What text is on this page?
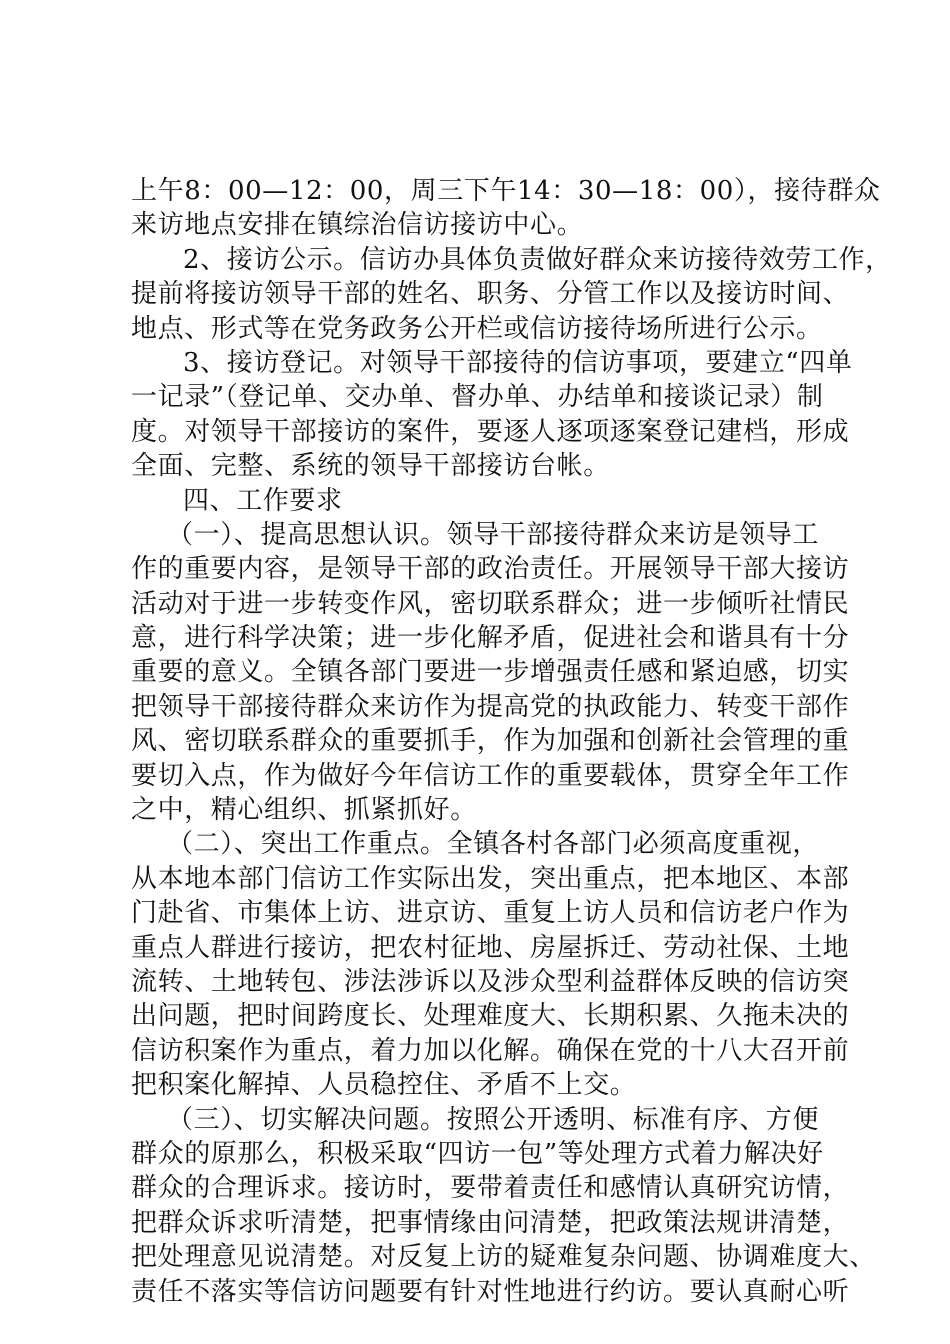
上午8：00—12：00，周三下午14：30—18：00），接待群众
来访地点安排在镇综治信访接访中心。
2、接访公示。信访办具体负责做好群众来访接待效劳工作，
提前将接访领导干部的姓名、职务、分管工作以及接访时间、
地点、形式等在党务政务公开栏或信访接待场所进行公示。
3、接访登记。对领导干部接待的信访事项，要建立“四单
一记录”（登记单、交办单、督办单、办结单和接谈记录）制
度。对领导干部接访的案件，要逐人逐项逐案登记建档，形成
全面、完整、系统的领导干部接访台帐。
四、工作要求
（一）、提高思想认识。领导干部接待群众来访是领导工
作的重要内容，是领导干部的政治责任。开展领导干部大接访
活动对于进一步转变作风，密切联系群众；进一步倾听社情民
意，进行科学决策；进一步化解矛盾，促进社会和谐具有十分
重要的意义。全镇各部门要进一步增强责任感和紧迫感，切实
把领导干部接待群众来访作为提高党的执政能力、转变干部作
风、密切联系群众的重要抓手，作为加强和创新社会管理的重
要切入点，作为做好今年信访工作的重要载体，贯穿全年工作
之中，精心组织、抓紧抓好。
（二）、突出工作重点。全镇各村各部门必须高度重视，
从本地本部门信访工作实际出发，突出重点，把本地区、本部
门赴省、市集体上访、进京访、重复上访人员和信访老户作为
重点人群进行接访，把农村征地、房屋拆迁、劳动社保、土地
流转、土地转包、涉法涉诉以及涉众型利益群体反映的信访突
出问题，把时间跨度长、处理难度大、长期积累、久拖未决的
信访积案作为重点，着力加以化解。确保在党的十八大召开前
把积案化解掉、人员稳控住、矛盾不上交。
（三）、切实解决问题。按照公开透明、标准有序、方便
群众的原那么，积极采取“四访一包”等处理方式着力解决好
群众的合理诉求。接访时，要带着责任和感情认真研究访情，
把群众诉求听清楚，把事情缘由问清楚，把政策法规讲清楚，
把处理意见说清楚。对反复上访的疑难复杂问题、协调难度大、
责任不落实等信访问题要有针对性地进行约访。要认真耐心听
